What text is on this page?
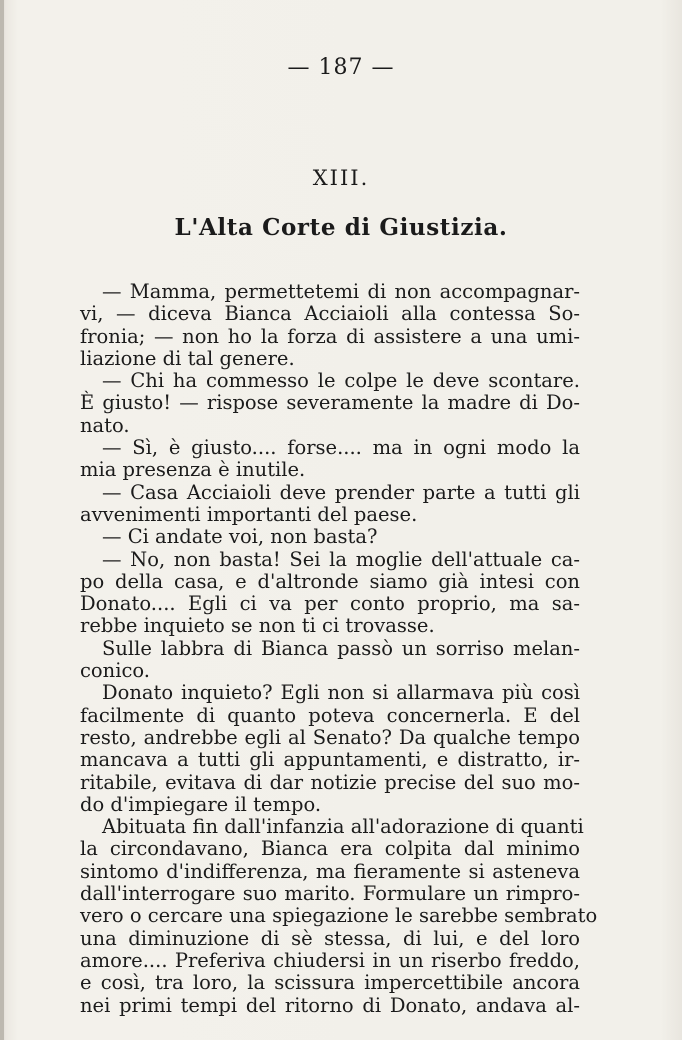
— 187 —
XIII.
L'Alta Corte di Giustizia.
— Mamma, permettetemi di non accompagnar-
vi, — diceva Bianca Acciaioli alla contessa So-
fronia; — non ho la forza di assistere a una umi-
liazione di tal genere.
— Chi ha commesso le colpe le deve scontare.
È giusto! — rispose severamente la madre di Do-
nato.
— Sì, è giusto.... forse.... ma in ogni modo la
mia presenza è inutile.
— Casa Acciaioli deve prender parte a tutti gli
avvenimenti importanti del paese.
— Ci andate voi, non basta?
— No, non basta! Sei la moglie dell'attuale ca-
po della casa, e d'altronde siamo già intesi con
Donato.... Egli ci va per conto proprio, ma sa-
rebbe inquieto se non ti ci trovasse.
Sulle labbra di Bianca passò un sorriso melan-
conico.
Donato inquieto? Egli non si allarmava più così
facilmente di quanto poteva concernerla. E del
resto, andrebbe egli al Senato? Da qualche tempo
mancava a tutti gli appuntamenti, e distratto, ir-
ritabile, evitava di dar notizie precise del suo mo-
do d'impiegare il tempo.
Abituata fin dall'infanzia all'adorazione di quanti
la circondavano, Bianca era colpita dal minimo
sintomo d'indifferenza, ma fieramente si asteneva
dall'interrogare suo marito. Formulare un rimpro-
vero o cercare una spiegazione le sarebbe sembrato
una diminuzione di sè stessa, di lui, e del loro
amore.... Preferiva chiudersi in un riserbo freddo,
e così, tra loro, la scissura impercettibile ancora
nei primi tempi del ritorno di Donato, andava al-
